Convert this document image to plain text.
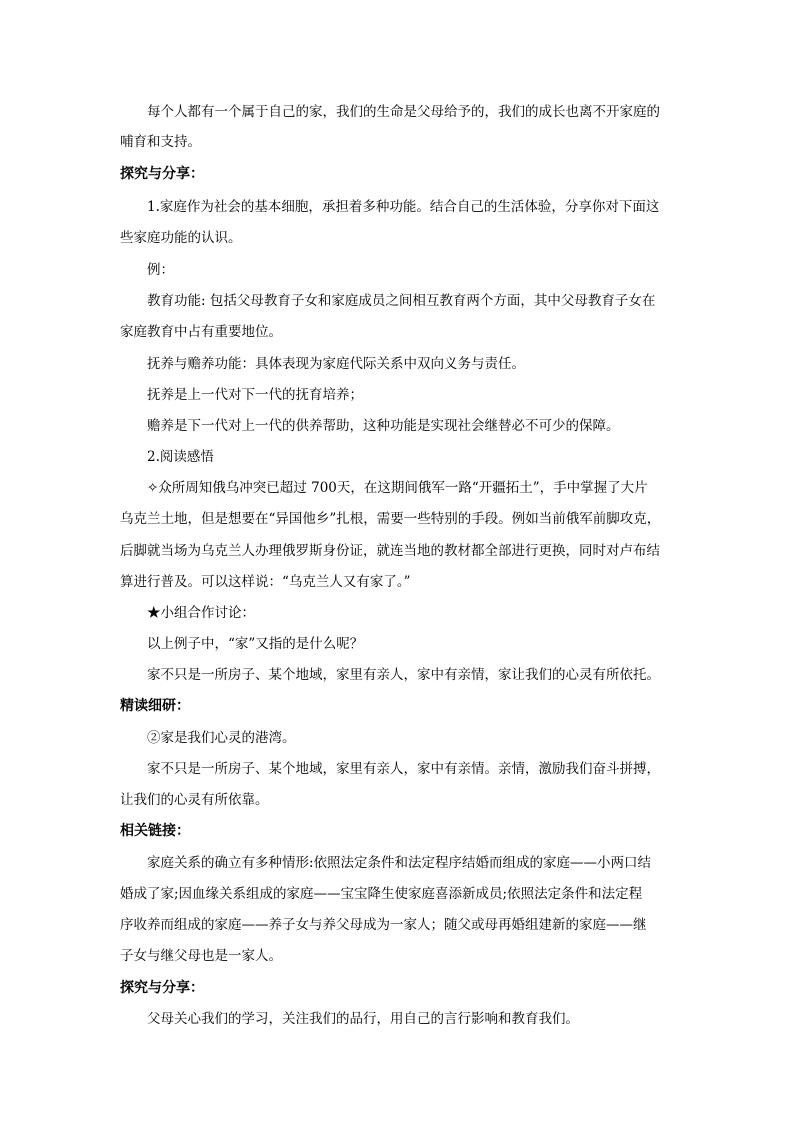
每个人都有一个属于自己的家，我们的生命是父母给予的，我们的成长也离不开家庭的
哺育和支持。
探究与分享：
1.家庭作为社会的基本细胞，承担着多种功能。结合自己的生活体验，分享你对下面这
些家庭功能的认识。
例：
教育功能: 包括父母教育子女和家庭成员之间相互教育两个方面，其中父母教育子女在
家庭教育中占有重要地位。
抚养与赡养功能：具体表现为家庭代际关系中双向义务与责任。
抚养是上一代对下一代的抚育培养；
赡养是下一代对上一代的供养帮助，这种功能是实现社会继替必不可少的保障。
2.阅读感悟
✧众所周知俄乌冲突已超过 700天，在这期间俄军一路“开疆拓土”，手中掌握了大片
乌克兰土地，但是想要在“异国他乡”扎根，需要一些特别的手段。例如当前俄军前脚攻克，
后脚就当场为乌克兰人办理俄罗斯身份证，就连当地的教材都全部进行更换，同时对卢布结
算进行普及。可以这样说：“乌克兰人又有家了。”
★小组合作讨论：
以上例子中，“家”又指的是什么呢？
家不只是一所房子、某个地域，家里有亲人，家中有亲情，家让我们的心灵有所依托。
精读细研：
②家是我们心灵的港湾。
家不只是一所房子、某个地域，家里有亲人，家中有亲情。亲情，激励我们奋斗拼搏，
让我们的心灵有所依靠。
相关链接：
家庭关系的确立有多种情形:依照法定条件和法定程序结婚而组成的家庭——小两口结
婚成了家;因血缘关系组成的家庭——宝宝降生使家庭喜添新成员;依照法定条件和法定程
序收养而组成的家庭——养子女与养父母成为一家人；随父或母再婚组建新的家庭——继
子女与继父母也是一家人。
探究与分享：
父母关心我们的学习，关注我们的品行，用自己的言行影响和教育我们。
